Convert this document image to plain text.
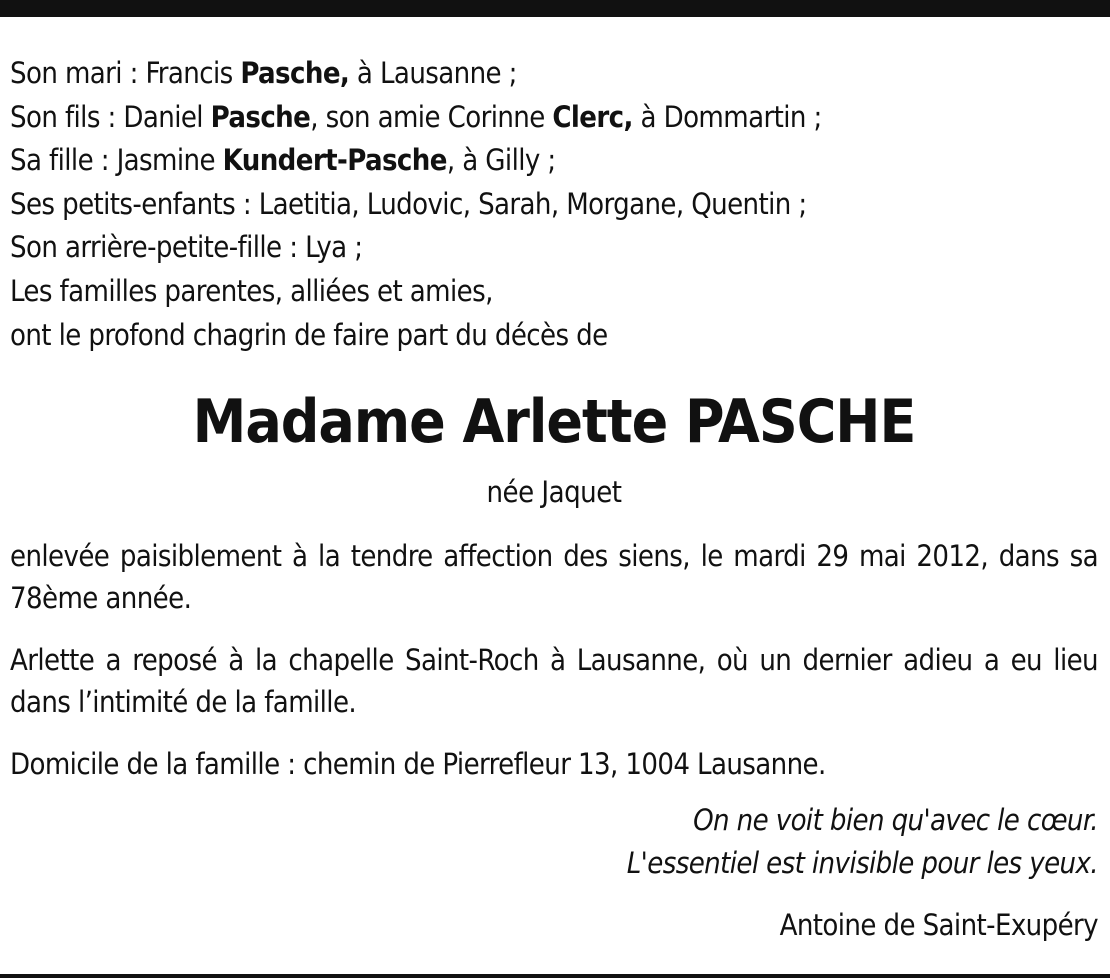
Son mari : Francis Pasche, à Lausanne ;
Son fils : Daniel Pasche, son amie Corinne Clerc, à Dommartin ;
Sa fille : Jasmine Kundert-Pasche, à Gilly ;
Ses petits-enfants : Laetitia, Ludovic, Sarah, Morgane, Quentin ;
Son arrière-petite-fille : Lya ;
Les familles parentes, alliées et amies,
ont le profond chagrin de faire part du décès de
Madame Arlette PASCHE
née Jaquet
enlevée paisiblement à la tendre affection des siens, le mardi 29 mai 2012, dans sa 78ème année.
Arlette a reposé à la chapelle Saint-Roch à Lausanne, où un dernier adieu a eu lieu dans l’intimité de la famille.
Domicile de la famille : chemin de Pierrefleur 13, 1004 Lausanne.
On ne voit bien qu'avec le cœur.
L'essentiel est invisible pour les yeux.
Antoine de Saint-Exupéry
